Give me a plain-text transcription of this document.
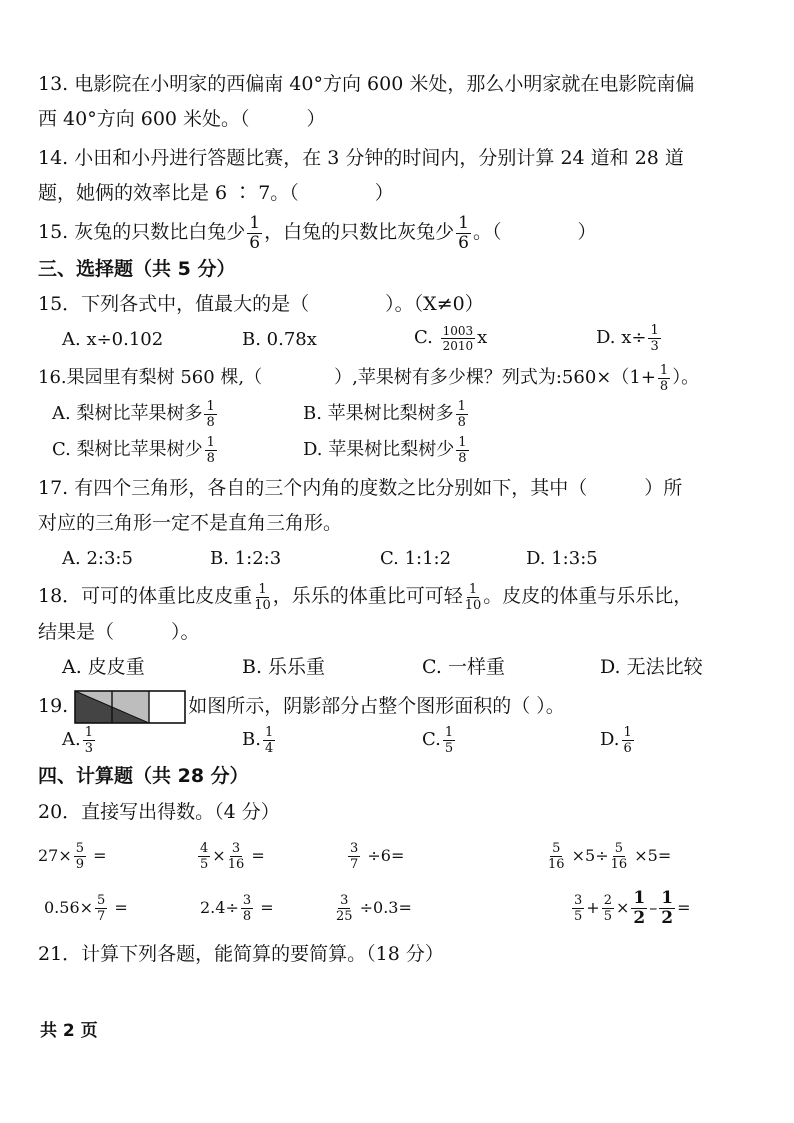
13. 电影院在小明家的西偏南 40°方向 600 米处，那么小明家就在电影院南偏
西 40°方向 600 米处。（　　　）
14. 小田和小丹进行答题比赛，在 3 分钟的时间内，分别计算 24 道和 28 道
题，她俩的效率比是 6 ∶ 7。（　　　　）
15. 灰兔的只数比白兔少 $\frac{1}{6}$ ，白兔的只数比灰兔少 $\frac{1}{6}$ 。（　　　　）
三、选择题（共 5 分）
15．下列各式中，值最大的是（　　　　）。（X≠0）
A. x÷0.102	B. 0.78x	C. $\frac{1003}{2010}$ x	D. $x\div \frac{1}{3}$
16.果园里有梨树 560 棵,（　　　　）,苹果树有多少棵？列式为:560×（1+ $\frac{1}{8}$ ）。
A. 梨树比苹果树多 $\frac{1}{8}$	B. 苹果树比梨树多 $\frac{1}{8}$
C. 梨树比苹果树少 $\frac{1}{8}$	D. 苹果树比梨树少 $\frac{1}{8}$
17. 有四个三角形，各自的三个内角的度数之比分别如下，其中（　　　）所
对应的三角形一定不是直角三角形。
A. 2:3:5	B. 1:2:3	C. 1:1:2	D. 1:3:5
18．可可的体重比皮皮重 $\frac{1}{10}$ ，乐乐的体重比可可轻 $\frac{1}{10}$ 。皮皮的体重与乐乐比，
结果是（　　　）。
A. 皮皮重	B. 乐乐重	C. 一样重	D. 无法比较
19.	如图所示，阴影部分占整个图形面积的（ ）。
A. $\frac{1}{3}$	B. $\frac{1}{4}$	C. $\frac{1}{5}$	D. $\frac{1}{6}$
四、计算题（共 28 分）
20．直接写出得数。（4 分）
$27\times \frac{5}{9}$ =	$\frac{4}{5} \times \frac{3}{16}$ =	$\frac{3}{7} \div 6=$	$\frac{5}{16} \times 5\div \frac{5}{16} \times 5=$
$0.56\times \frac{5}{7}$ =	$2.4\div \frac{3}{8}$ =	$\frac{3}{25} \div 0.3=$	$\frac{3}{5} + \frac{2}{5} \times \frac{1}{2} - \frac{1}{2}$ =
21．计算下列各题，能简算的要简算。（18 分）
共 2 页
